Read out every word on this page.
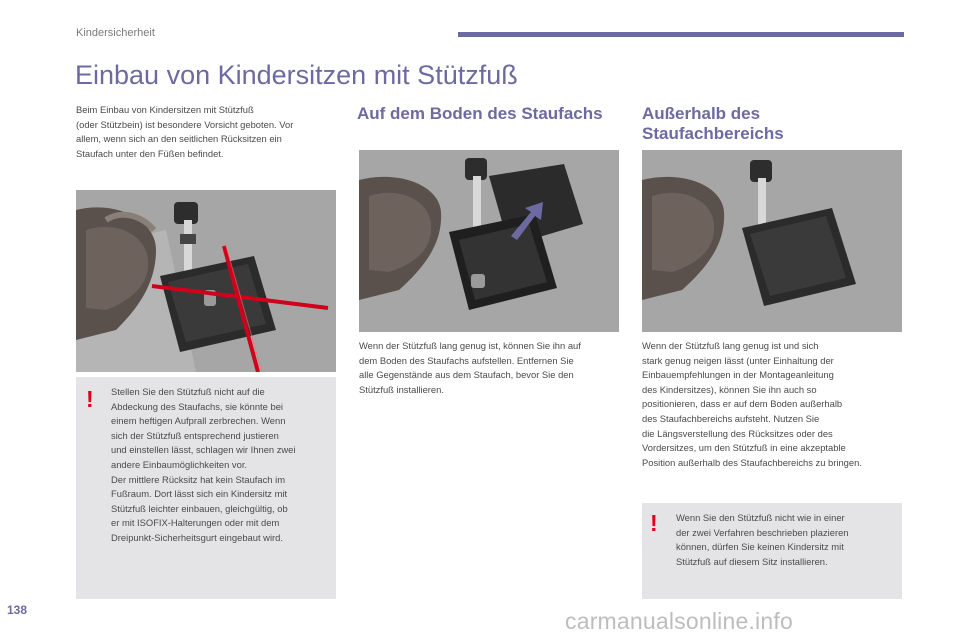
Kindersicherheit
Einbau von Kindersitzen mit Stützfuß

Beim Einbau von Kindersitzen mit Stützfuß
(oder Stützbein) ist besondere Vorsicht geboten. Vor
allem, wenn sich an den seitlichen Rücksitzen ein
Staufach unter den Füßen befindet.

Auf dem Boden des Staufachs	Außerhalb des
Staufachbereichs
! Stellen Sie den Stützfuß nicht auf die
Abdeckung des Staufachs, sie könnte bei
einem heftigen Aufprall zerbrechen. Wenn
sich der Stützfuß entsprechend justieren
und einstellen lässt, schlagen wir Ihnen zwei
andere Einbaumöglichkeiten vor.
Der mittlere Rücksitz hat kein Staufach im
Fußraum. Dort lässt sich ein Kindersitz mit
Stützfuß leichter einbauen, gleichgültig, ob
er mit ISOFIX-Halterungen oder mit dem
Dreipunkt-Sicherheitsgurt eingebaut wird.

Wenn der Stützfuß lang genug ist, können Sie ihn auf
dem Boden des Staufachs aufstellen. Entfernen Sie
alle Gegenstände aus dem Staufach, bevor Sie den
Stützfuß installieren.

Wenn der Stützfuß lang genug ist und sich
stark genug neigen lässt (unter Einhaltung der
Einbauempfehlungen in der Montageanleitung
des Kindersitzes), können Sie ihn auch so
positionieren, dass er auf dem Boden außerhalb
des Staufachbereichs aufsteht. Nutzen Sie
die Längsverstellung des Rücksitzes oder des
Vordersitzes, um den Stützfuß in eine akzeptable
Position außerhalb des Staufachbereichs zu bringen.

! Wenn Sie den Stützfuß nicht wie in einer
der zwei Verfahren beschrieben plazieren
können, dürfen Sie keinen Kindersitz mit
Stützfuß auf diesem Sitz installieren.

138	carmanualsonline.info
